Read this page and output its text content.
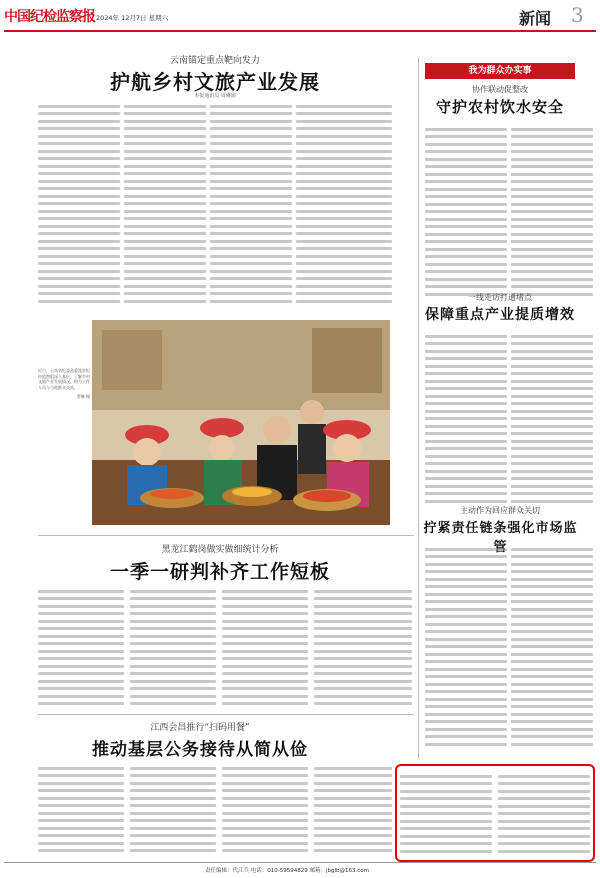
中国纪检监察报 2024年 12月7日 星期六	新闻 3
云南锚定重点靶向发力
护航乡村文旅产业发展
本报通讯员 周琳娟
近日，云南省纪委监委派驻纪检监察组深入基层，了解乡村文旅产业发展情况。图为工作人员与当地群众交流。
罗琳 摄
我为群众办实事
协作联动促整改
守护农村饮水安全
一线走访打通堵点
保障重点产业提质增效
主动作为回应群众关切
拧紧责任链条强化市场监
黑龙江鹤岗做实做细统计分析
一季一研判补齐工作短板
江西会昌推行“扫码用餐”
推动基层公务接待从简从俭
责任编辑：代江兵 电话：010-59594829 邮箱：jbglb@163.com
